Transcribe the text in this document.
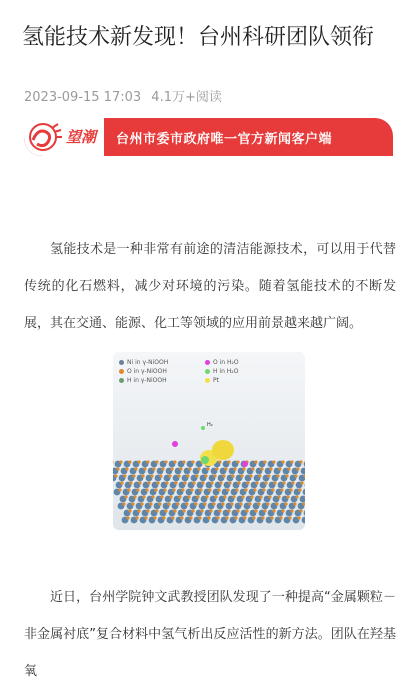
氢能技术新发现！台州科研团队领衔
2023-09-15 17:03 4.1万+阅读
望潮 台州市委市政府唯一官方新闻客户端

氢能技术是一种非常有前途的清洁能源技术，可以用于代替传统的化石燃料，减少对环境的污染。随着氢能技术的不断发展，其在交通、能源、化工等领域的应用前景越来越广阔。

H₂
Ni in γ-NiOOH	O in H₂O
O in γ-NiOOH	H in H₂O
H in γ-NiOOH	Pt

近日，台州学院钟文武教授团队发现了一种提高“金属颗粒－非金属衬底”复合材料中氢气析出反应活性的新方法。团队在羟基氧
